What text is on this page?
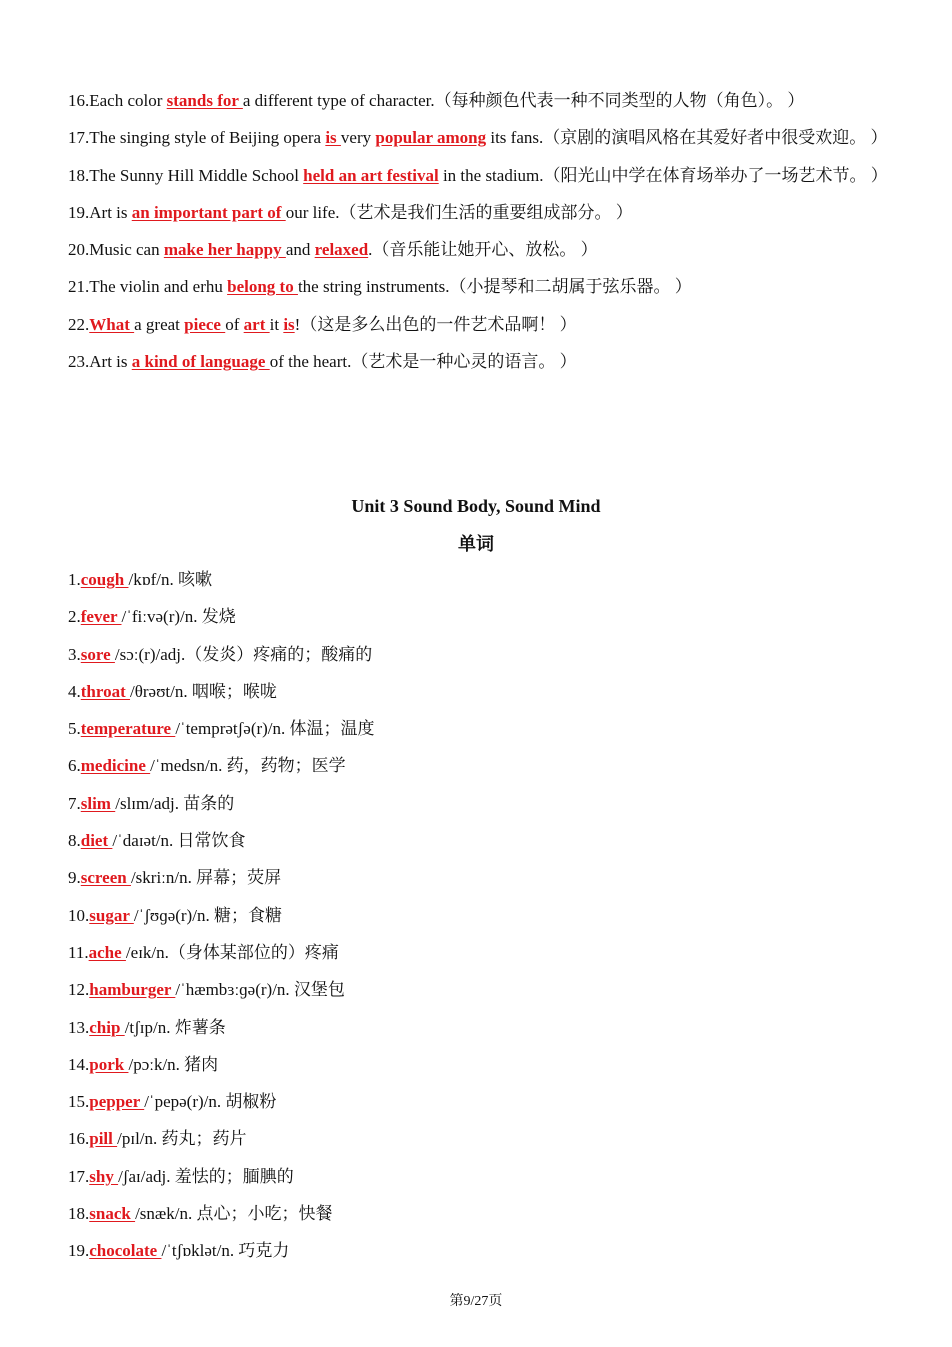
16.Each color stands for a different type of character.（每种颜色代表一种不同类型的人物（角色）。 ）
17.The singing style of Beijing opera is very popular among its fans.（京剧的演唱风格在其爱好者中很受欢迎。 ）
18.The Sunny Hill Middle School held an art festival in the stadium.（阳光山中学在体育场举办了一场艺术节。 ）
19.Art is an important part of our life.（艺术是我们生活的重要组成部分。 ）
20.Music can make her happy and relaxed.（音乐能让她开心、放松。 ）
21.The violin and erhu belong to the string instruments.（小提琴和二胡属于弦乐器。 ）
22.What a great piece of art it is!（这是多么出色的一件艺术品啊！ ）
23.Art is a kind of language of the heart.（艺术是一种心灵的语言。 ）
Unit 3 Sound Body, Sound Mind
单词
1.cough /kɒf/n. 咳嗽
2.fever /ˈfiːvə(r)/n. 发烧
3.sore /sɔː(r)/adj.（发炎）疼痛的；酸痛的
4.throat /θrəʊt/n. 咽喉；喉咙
5.temperature /ˈtemprətʃə(r)/n. 体温；温度
6.medicine /ˈmedsn/n. 药，药物；医学
7.slim /slɪm/adj. 苗条的
8.diet /ˈdaɪət/n. 日常饮食
9.screen /skriːn/n. 屏幕；荧屏
10.sugar /ˈʃʊɡə(r)/n. 糖；食糖
11.ache /eɪk/n.（身体某部位的）疼痛
12.hamburger /ˈhæmbɜːɡə(r)/n. 汉堡包
13.chip /tʃɪp/n. 炸薯条
14.pork /pɔːk/n. 猪肉
15.pepper /ˈpepə(r)/n. 胡椒粉
16.pill /pɪl/n. 药丸；药片
17.shy /ʃaɪ/adj. 羞怯的；腼腆的
18.snack /snæk/n. 点心；小吃；快餐
19.chocolate /ˈtʃɒklət/n. 巧克力
第9/27页
